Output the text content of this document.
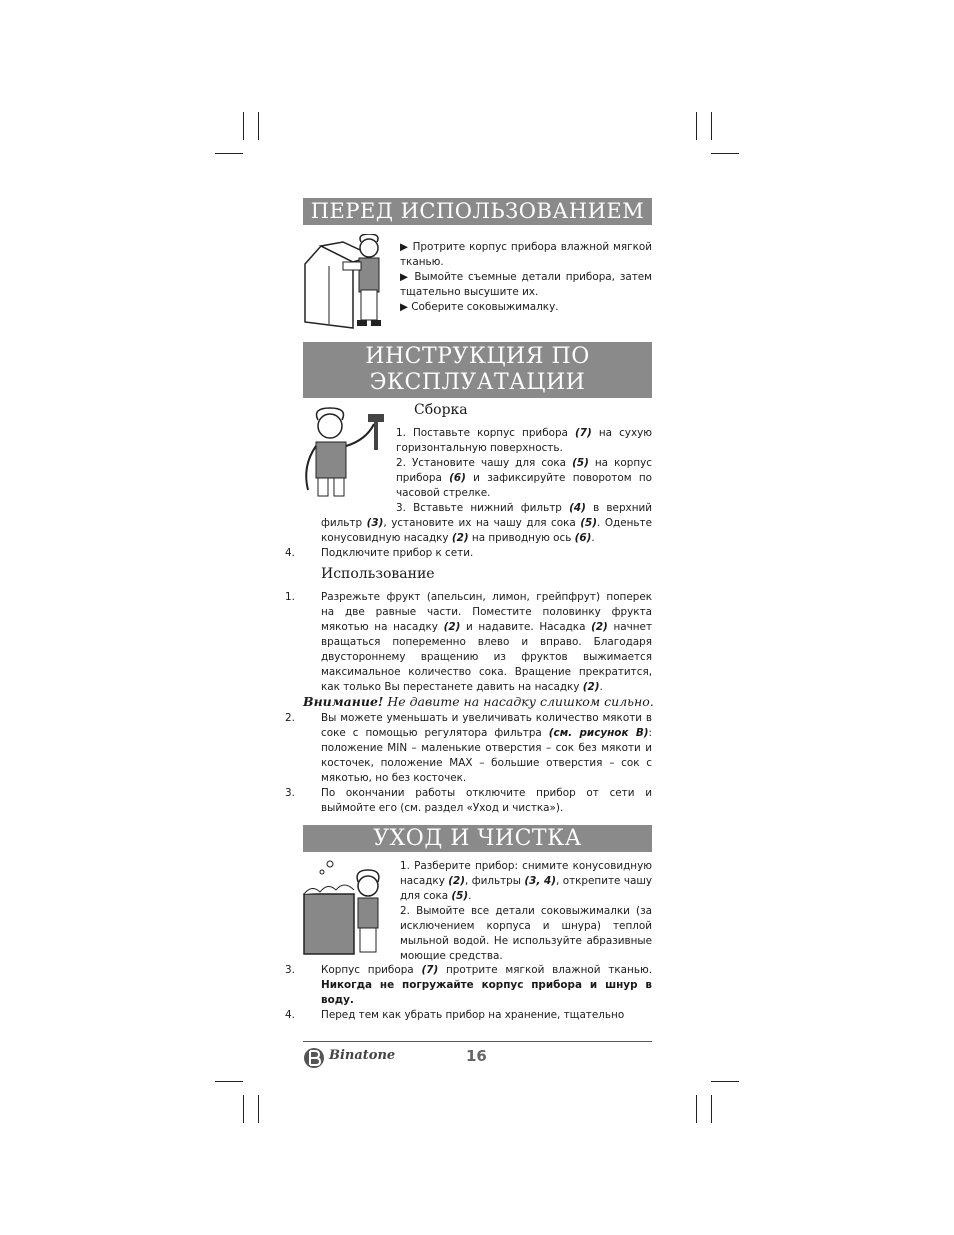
ПЕРЕД ИСПОЛЬЗОВАНИЕМ
▶ Протрите корпус прибора влажной мягкой тканью.
▶ Вымойте съемные детали прибора, затем тщательно высушите их.
▶ Соберите соковыжималку.
ИНСТРУКЦИЯ ПО
ЭКСПЛУАТАЦИИ
Сборка
1. Поставьте корпус прибора (7) на сухую горизонтальную поверхность.
2. Установите чашу для сока (5) на корпус прибора (6) и зафиксируйте поворотом по часовой стрелке.
3. Вставьте нижний фильтр (4) в верхний фильтр (3), установите их на чашу для сока (5). Оденьте конусовидную насадку (2) на приводную ось (6).
4.	Подключите прибор к сети.
Использование
1.	Разрежьте фрукт (апельсин, лимон, грейпфрут) поперек на две равные части. Поместите половинку фрукта мякотью на насадку (2) и надавите. Насадка (2) начнет вращаться попеременно влево и вправо. Благодаря двустороннему вращению из фруктов выжимается максимальное количество сока. Вращение прекратится, как только Вы перестанете давить на насадку (2).
Внимание! Не давите на насадку слишком сильно.
2.	Вы можете уменьшать и увеличивать количество мякоти в соке с помощью регулятора фильтра (см. рисунок B): положение MIN – маленькие отверстия – сок без мякоти и косточек, положение MAX – большие отверстия – сок с мякотью, но без косточек.
3.	По окончании работы отключите прибор от сети и выймойте его (см. раздел «Уход и чистка»).
УХОД И ЧИСТКА
1. Разберите прибор: снимите конусовидную насадку (2), фильтры (3, 4), открепите чашу для сока (5).
2. Вымойте все детали соковыжималки (за исключением корпуса и шнура) теплой мыльной водой. Не используйте абразивные моющие средства.
3.	Корпус прибора (7) протрите мягкой влажной тканью. Никогда не погружайте корпус прибора и шнур в воду.
4.	Перед тем как убрать прибор на хранение, тщательно
Binatone	16
